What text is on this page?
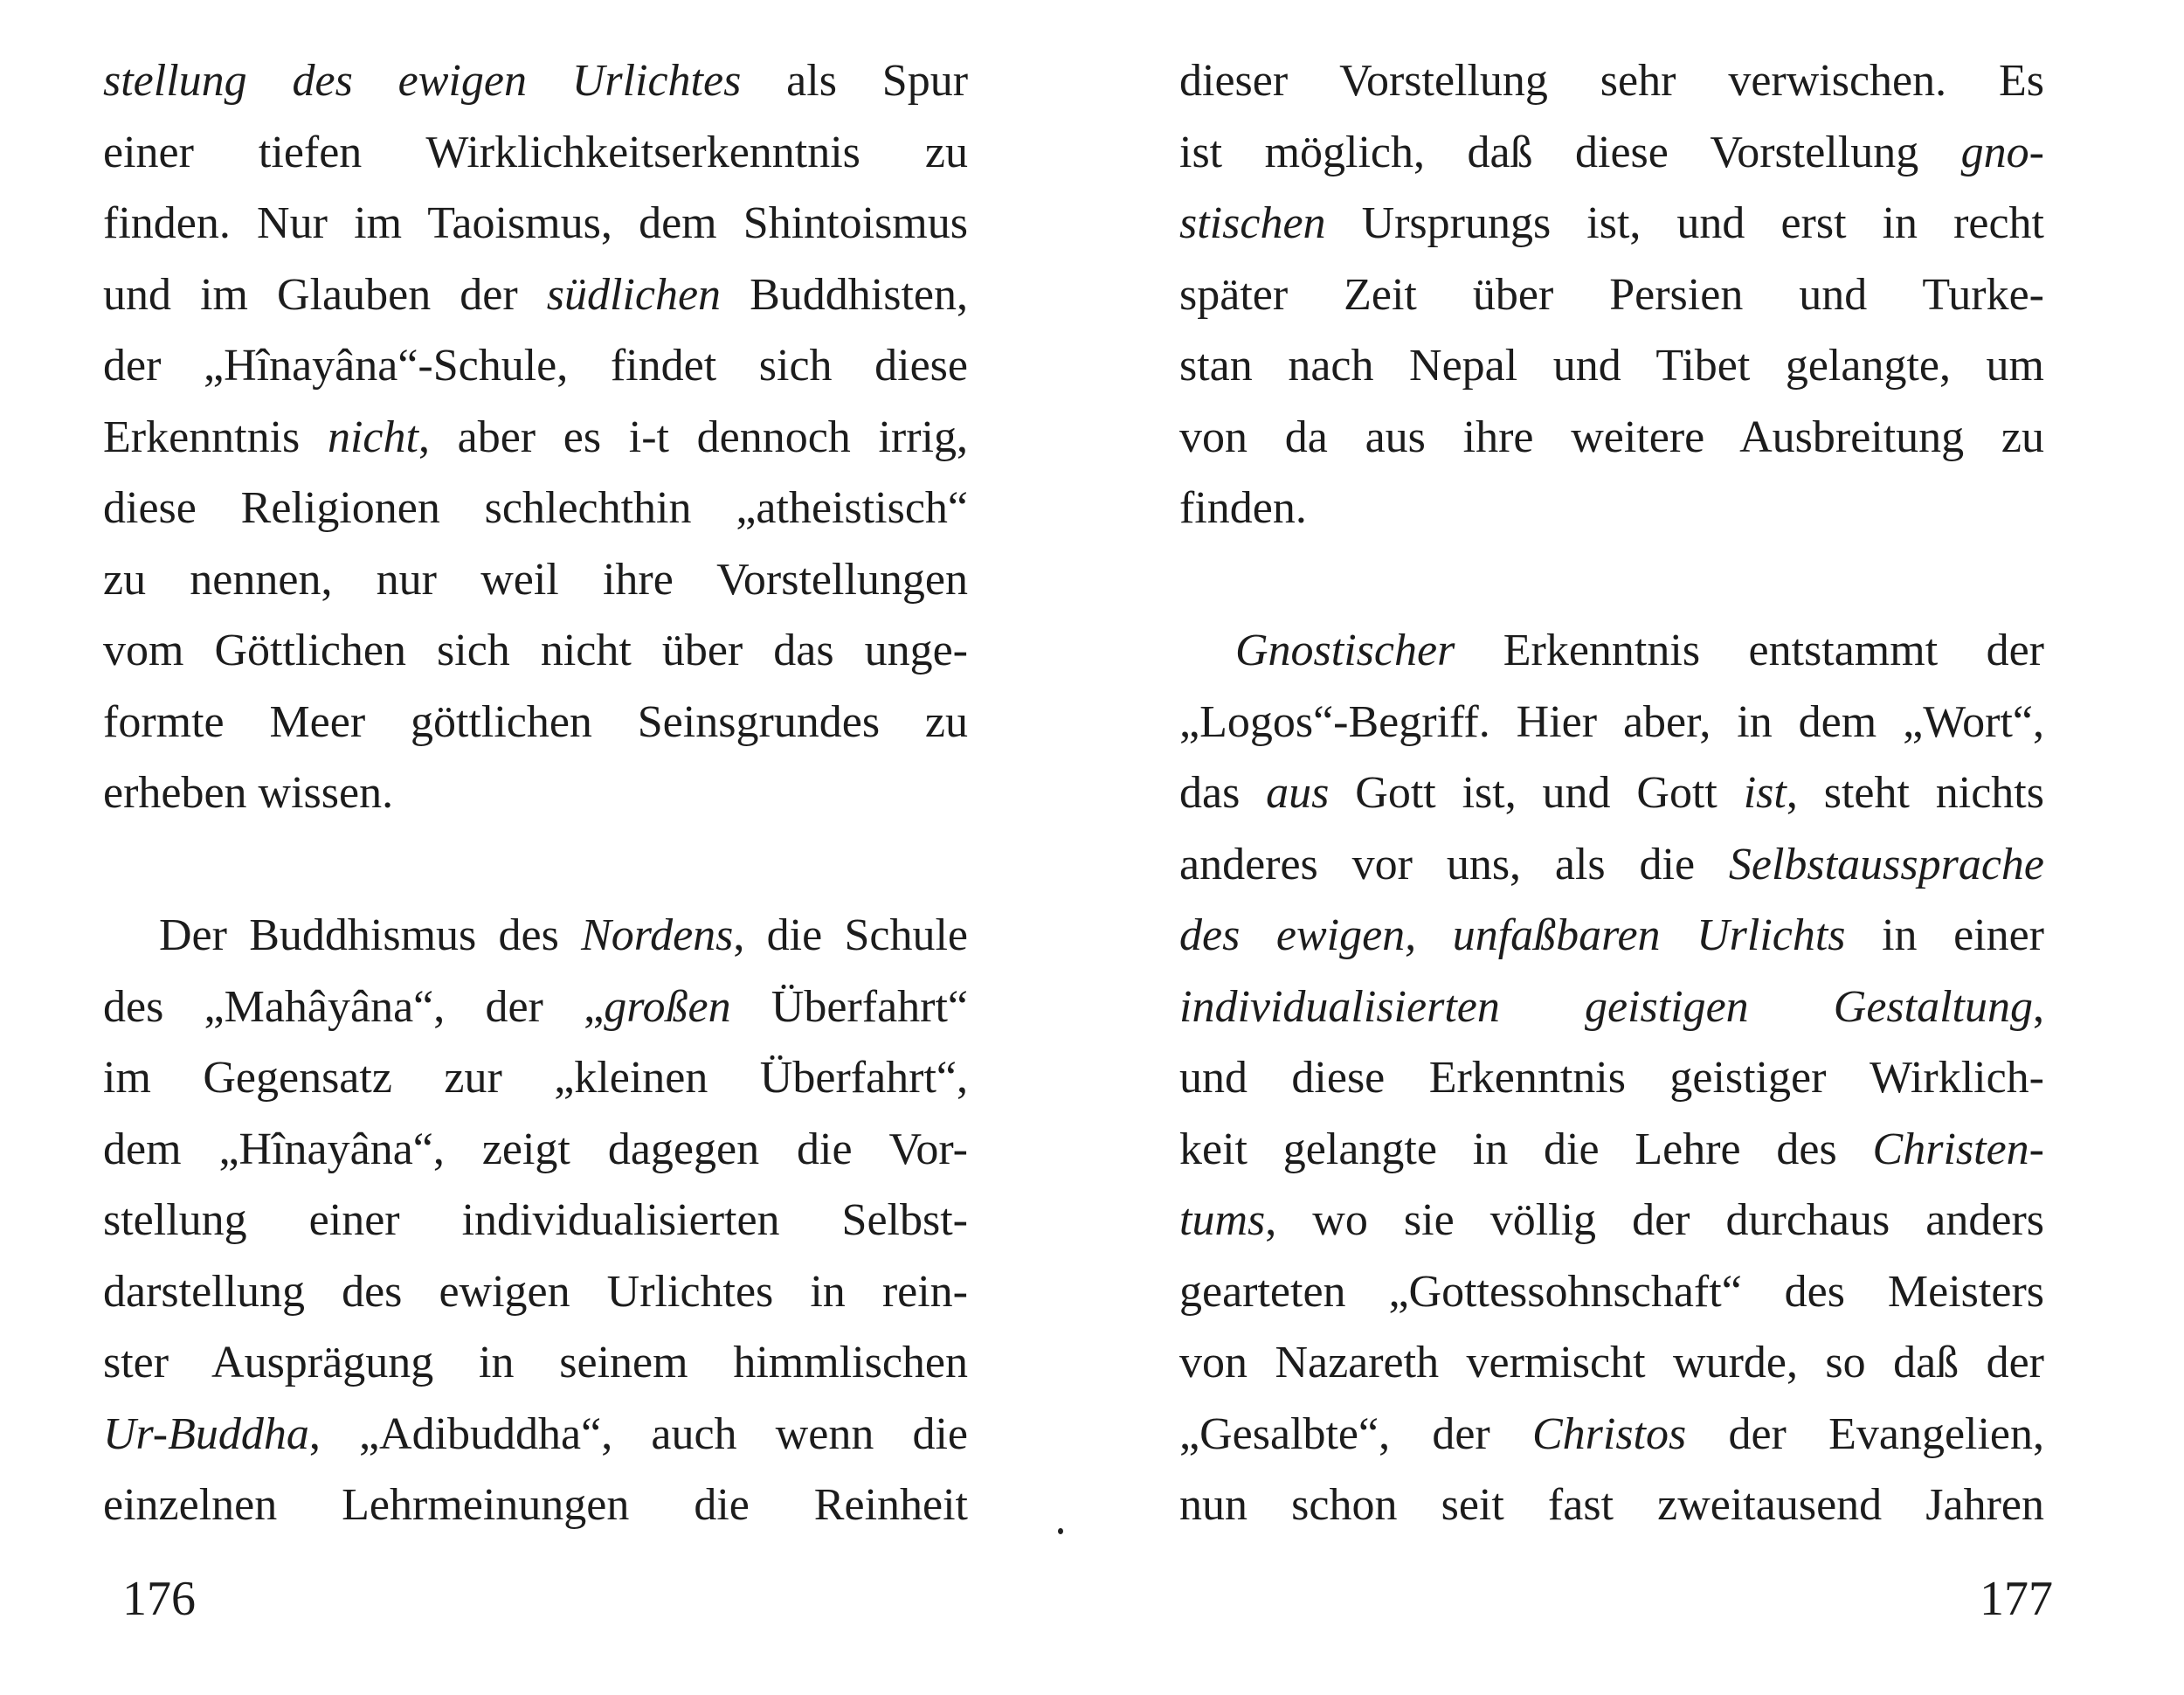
stellung des ewigen Urlichtes als Spur
einer tiefen Wirklichkeitserkenntnis zu
finden. Nur im Taoismus, dem Shintoismus
und im Glauben der südlichen Buddhisten,
der „Hînayâna“-Schule, findet sich diese
Erkenntnis nicht, aber es i-t dennoch irrig,
diese Religionen schlechthin „atheistisch“
zu nennen, nur weil ihre Vorstellungen
vom Göttlichen sich nicht über das unge-
formte Meer göttlichen Seinsgrundes zu
erheben wissen.
Der Buddhismus des Nordens, die Schule
des „Mahâyâna“, der „großen Überfahrt“
im Gegensatz zur „kleinen Überfahrt“,
dem „Hînayâna“, zeigt dagegen die Vor-
stellung einer individualisierten Selbst-
darstellung des ewigen Urlichtes in rein-
ster Ausprägung in seinem himmlischen
Ur-Buddha, „Adibuddha“, auch wenn die
einzelnen Lehrmeinungen die Reinheit
176
dieser Vorstellung sehr verwischen. Es
ist möglich, daß diese Vorstellung gno-
stischen Ursprungs ist, und erst in recht
später Zeit über Persien und Turke-
stan nach Nepal und Tibet gelangte, um
von da aus ihre weitere Ausbreitung zu
finden.
Gnostischer Erkenntnis entstammt der
„Logos“-Begriff. Hier aber, in dem „Wort“,
das aus Gott ist, und Gott ist, steht nichts
anderes vor uns, als die Selbstaussprache
des ewigen, unfaßbaren Urlichts in einer
individualisierten geistigen Gestaltung,
und diese Erkenntnis geistiger Wirklich-
keit gelangte in die Lehre des Christen-
tums, wo sie völlig der durchaus anders
gearteten „Gottessohnschaft“ des Meisters
von Nazareth vermischt wurde, so daß der
„Gesalbte“, der Christos der Evangelien,
nun schon seit fast zweitausend Jahren
177
